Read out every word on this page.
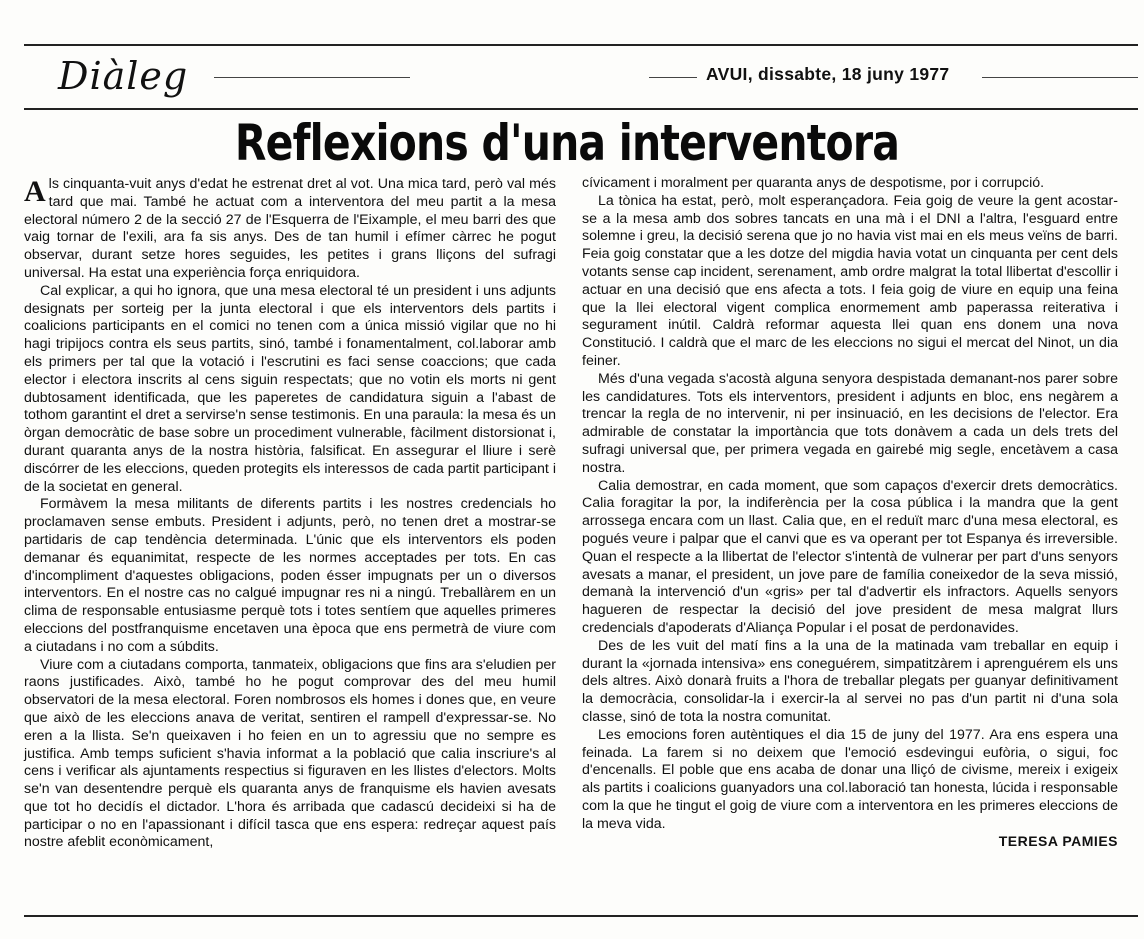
Diàleg	AVUI, dissabte, 18 juny 1977
Reflexions d'una interventora

Als cinquanta-vuit anys d'edat he estrenat dret al vot. Una mica tard, però val més tard que mai. També he actuat com a interventora del meu partit a la mesa electoral número 2 de la secció 27 de l'Esquerra de l'Eixample, el meu barri des que vaig tornar de l'exili, ara fa sis anys. Des de tan humil i efímer càrrec he pogut observar, durant setze hores seguides, les petites i grans lliçons del sufragi universal. Ha estat una experiència força enriquidora.

Cal explicar, a qui ho ignora, que una mesa electoral té un president i uns adjunts designats per sorteig per la junta electoral i que els interventors dels partits i coalicions participants en el comici no tenen com a única missió vigilar que no hi hagi tripijocs contra els seus partits, sinó, també i fonamentalment, col.laborar amb els primers per tal que la votació i l'escrutini es faci sense coaccions; que cada elector i electora inscrits al cens siguin respectats; que no votin els morts ni gent dubtosament identificada, que les paperetes de candidatura siguin a l'abast de tothom garantint el dret a servirse'n sense testimonis. En una paraula: la mesa és un òrgan democràtic de base sobre un procediment vulnerable, fàcilment distorsionat i, durant quaranta anys de la nostra història, falsificat. En assegurar el lliure i serè discórrer de les eleccions, queden protegits els interessos de cada partit participant i de la societat en general.

Formàvem la mesa militants de diferents partits i les nostres credencials ho proclamaven sense embuts. President i adjunts, però, no tenen dret a mostrar-se partidaris de cap tendència determinada. L'únic que els interventors els poden demanar és equanimitat, respecte de les normes acceptades per tots. En cas d'incompliment d'aquestes obligacions, poden ésser impugnats per un o diversos interventors. En el nostre cas no calgué impugnar res ni a ningú. Treballàrem en un clima de responsable entusiasme perquè tots i totes sentíem que aquelles primeres eleccions del postfranquisme encetaven una època que ens permetrà de viure com a ciutadans i no com a súbdits.

Viure com a ciutadans comporta, tanmateix, obligacions que fins ara s'eludien per raons justificades. Això, també ho he pogut comprovar des del meu humil observatori de la mesa electoral. Foren nombrosos els homes i dones que, en veure que això de les eleccions anava de veritat, sentiren el rampell d'expressar-se. No eren a la llista. Se'n queixaven i ho feien en un to agressiu que no sempre es justifica. Amb temps suficient s'havia informat a la població que calia inscriure's al cens i verificar als ajuntaments respectius si figuraven en les llistes d'electors. Molts se'n van desentendre perquè els quaranta anys de franquisme els havien avesats que tot ho decidís el dictador. L'hora és arribada que cadascú decideixi si ha de participar o no en l'apassionant i difícil tasca que ens espera: redreçar aquest país nostre afeblit econòmicament,

cívicament i moralment per quaranta anys de despotisme, por i corrupció.

La tònica ha estat, però, molt esperançadora. Feia goig de veure la gent acostar-se a la mesa amb dos sobres tancats en una mà i el DNI a l'altra, l'esguard entre solemne i greu, la decisió serena que jo no havia vist mai en els meus veïns de barri. Feia goig constatar que a les dotze del migdia havia votat un cinquanta per cent dels votants sense cap incident, serenament, amb ordre malgrat la total llibertat d'escollir i actuar en una decisió que ens afecta a tots. I feia goig de viure en equip una feina que la llei electoral vigent complica enormement amb paperassa reiterativa i segurament inútil. Caldrà reformar aquesta llei quan ens donem una nova Constitució. I caldrà que el marc de les eleccions no sigui el mercat del Ninot, un dia feiner.

Més d'una vegada s'acostà alguna senyora despistada demanant-nos parer sobre les candidatures. Tots els interventors, president i adjunts en bloc, ens negàrem a trencar la regla de no intervenir, ni per insinuació, en les decisions de l'elector. Era admirable de constatar la importància que tots donàvem a cada un dels trets del sufragi universal que, per primera vegada en gairebé mig segle, encetàvem a casa nostra.

Calia demostrar, en cada moment, que som capaços d'exercir drets democràtics. Calia foragitar la por, la indiferència per la cosa pública i la mandra que la gent arrossega encara com un llast. Calia que, en el reduït marc d'una mesa electoral, es pogués veure i palpar que el canvi que es va operant per tot Espanya és irreversible. Quan el respecte a la llibertat de l'elector s'intentà de vulnerar per part d'uns senyors avesats a manar, el president, un jove pare de família coneixedor de la seva missió, demanà la intervenció d'un «gris» per tal d'advertir els infractors. Aquells senyors hagueren de respectar la decisió del jove president de mesa malgrat llurs credencials d'apoderats d'Aliança Popular i el posat de perdonavides.

Des de les vuit del matí fins a la una de la matinada vam treballar en equip i durant la «jornada intensiva» ens coneguérem, simpatitzàrem i aprenguérem els uns dels altres. Això donarà fruits a l'hora de treballar plegats per guanyar definitivament la democràcia, consolidar-la i exercir-la al servei no pas d'un partit ni d'una sola classe, sinó de tota la nostra comunitat.

Les emocions foren autèntiques el dia 15 de juny del 1977. Ara ens espera una feinada. La farem si no deixem que l'emoció esdevingui eufòria, o sigui, foc d'encenalls. El poble que ens acaba de donar una lliçó de civisme, mereix i exigeix als partits i coalicions guanyadors una col.laboració tan honesta, lúcida i responsable com la que he tingut el goig de viure com a interventora en les primeres eleccions de la meva vida.

TERESA PAMIES
